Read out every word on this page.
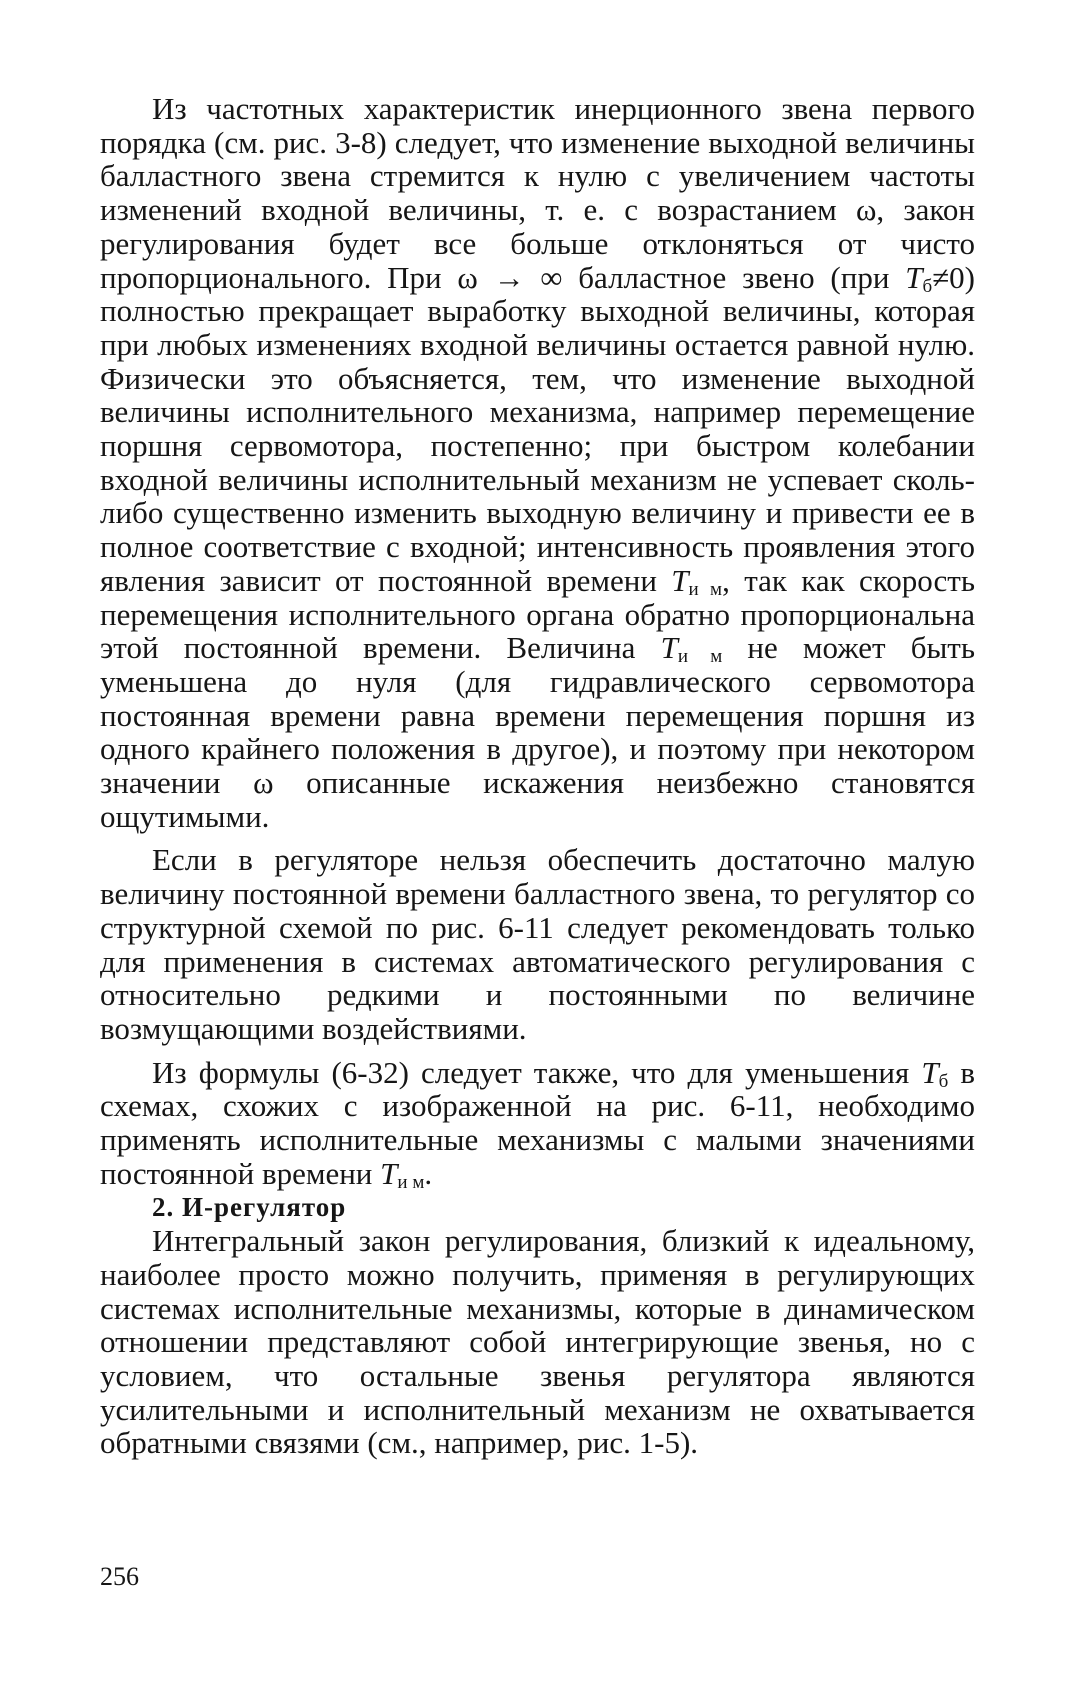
Из частотных характеристик инерционного звена первого порядка (см. рис. 3-8) следует, что изменение выходной величины балластного звена стремится к нулю с увеличением частоты изменений входной величины, т. е. с возрастанием ω, закон регулирования будет все больше отклоняться от чисто пропорционального. При ω → ∞ балластное звено (при $T_б\ne 0$) полностью прекращает выработку выходной величины, которая при любых изменениях входной величины остается равной нулю. Физически это объясняется, тем, что изменение выходной величины исполнительного механизма, например перемещение поршня сервомотора, постепенно; при быстром колебании входной величины исполнительный механизм не успевает сколь-либо существенно изменить выходную величину и привести ее в полное соответствие с входной; интенсивность проявления этого явления зависит от постоянной времени $T_{и м}$, так как скорость перемещения исполнительного органа обратно пропорциональна этой постоянной времени. Величина $T_{и м}$ не может быть уменьшена до нуля (для гидравлического сервомотора постоянная времени равна времени перемещения поршня из одного крайнего положения в другое), и поэтому при некотором значении ω описанные искажения неизбежно становятся ощутимыми.

Если в регуляторе нельзя обеспечить достаточно малую величину постоянной времени балластного звена, то регулятор со структурной схемой по рис. 6-11 следует рекомендовать только для применения в системах автоматического регулирования с относительно редкими и постоянными по величине возмущающими воздействиями.

Из формулы (6-32) следует также, что для уменьшения $T_б$ в схемах, схожих с изображенной на рис. 6-11, необходимо применять исполнительные механизмы с малыми значениями постоянной времени $T_{и м}$.

2. И-регулятор

Интегральный закон регулирования, близкий к идеальному, наиболее просто можно получить, применяя в регулирующих системах исполнительные механизмы, которые в динамическом отношении представляют собой интегрирующие звенья, но с условием, что остальные звенья регулятора являются усилительными и исполнительный механизм не охватывается обратными связями (см., например, рис. 1-5).

256
